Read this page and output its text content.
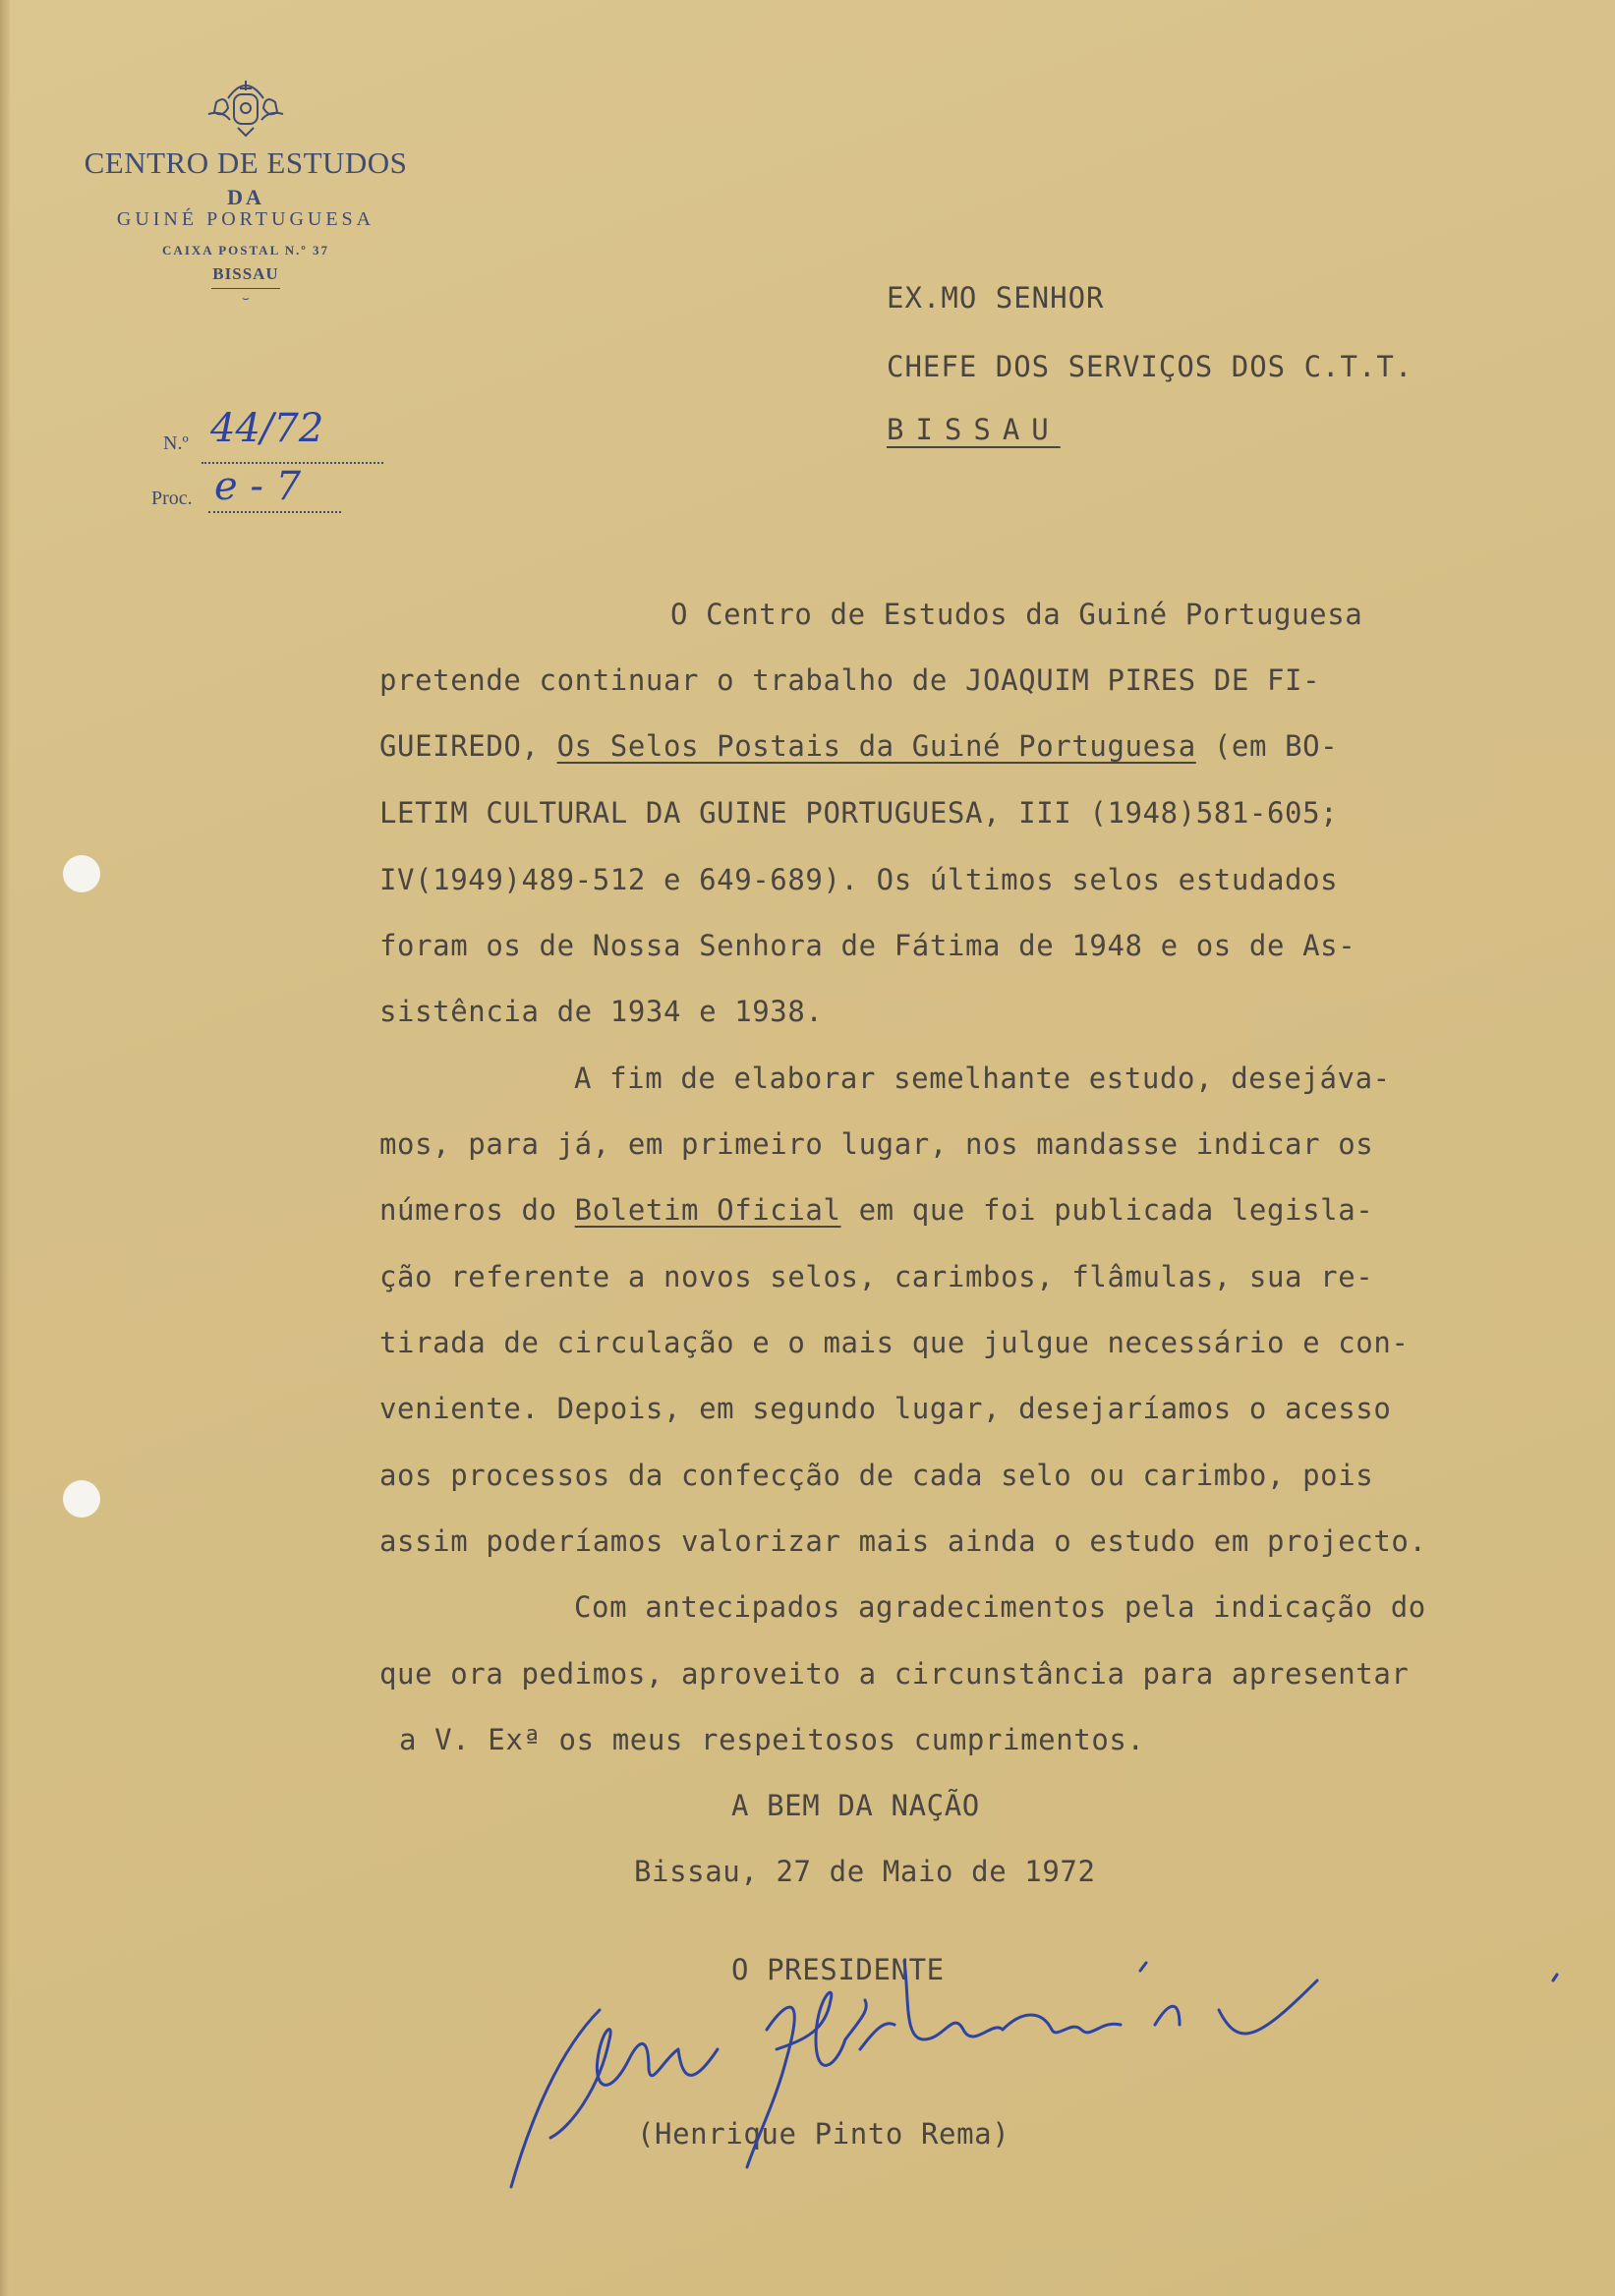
CENTRO DE ESTUDOS
DA
GUINÉ PORTUGUESA
CAIXA POSTAL N.º 37
BISSAU
⌣
N.º 44/72
Proc. e - 7
EX.MO SENHOR
CHEFE DOS SERVIÇOS DOS C.T.T.
BISSAU
O Centro de Estudos da Guiné Portuguesa
pretende continuar o trabalho de JOAQUIM PIRES DE FI-
GUEIREDO, Os Selos Postais da Guiné Portuguesa (em BO-
LETIM CULTURAL DA GUINE PORTUGUESA, III (1948)581-605;
IV(1949)489-512 e 649-689). Os últimos selos estudados
foram os de Nossa Senhora de Fátima de 1948 e os de As-
sistência de 1934 e 1938.
A fim de elaborar semelhante estudo, desejáva-
mos, para já, em primeiro lugar, nos mandasse indicar os
números do Boletim Oficial em que foi publicada legisla-
ção referente a novos selos, carimbos, flâmulas, sua re-
tirada de circulação e o mais que julgue necessário e con-
veniente. Depois, em segundo lugar, desejaríamos o acesso
aos processos da confecção de cada selo ou carimbo, pois
assim poderíamos valorizar mais ainda o estudo em projecto.
Com antecipados agradecimentos pela indicação do
que ora pedimos, aproveito a circunstância para apresentar
a V. Exª os meus respeitosos cumprimentos.
A BEM DA NAÇÃO
Bissau, 27 de Maio de 1972
O PRESIDENTE
(Henrique Pinto Rema)
